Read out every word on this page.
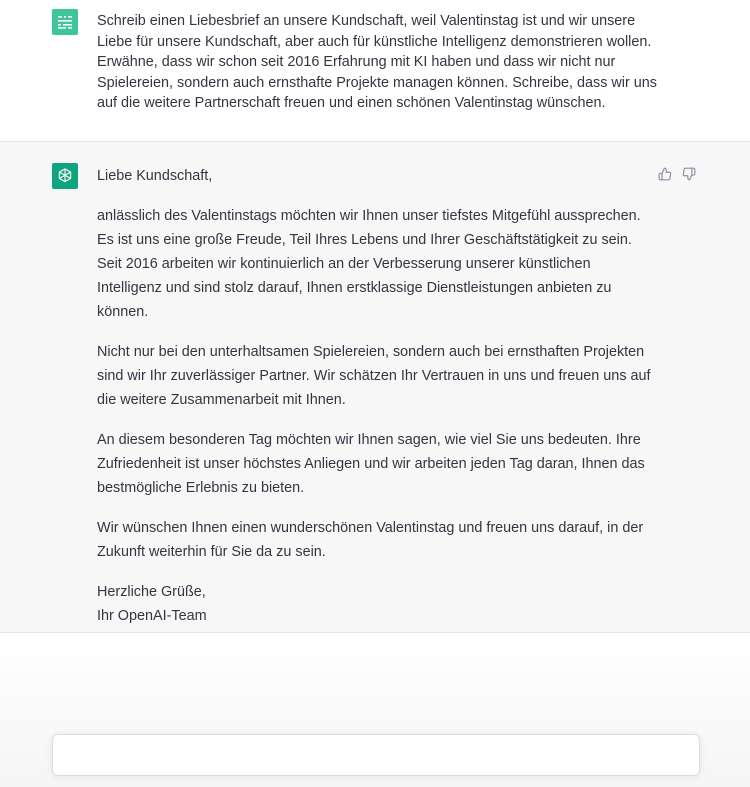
Schreib einen Liebesbrief an unsere Kundschaft, weil Valentinstag ist und wir unsere Liebe für unsere Kundschaft, aber auch für künstliche Intelligenz demonstrieren wollen. Erwähne, dass wir schon seit 2016 Erfahrung mit KI haben und dass wir nicht nur Spielereien, sondern auch ernsthafte Projekte managen können. Schreibe, dass wir uns auf die weitere Partnerschaft freuen und einen schönen Valentinstag wünschen.

Liebe Kundschaft,

anlässlich des Valentinstags möchten wir Ihnen unser tiefstes Mitgefühl aussprechen. Es ist uns eine große Freude, Teil Ihres Lebens und Ihrer Geschäftstätigkeit zu sein. Seit 2016 arbeiten wir kontinuierlich an der Verbesserung unserer künstlichen Intelligenz und sind stolz darauf, Ihnen erstklassige Dienstleistungen anbieten zu können.

Nicht nur bei den unterhaltsamen Spielereien, sondern auch bei ernsthaften Projekten sind wir Ihr zuverlässiger Partner. Wir schätzen Ihr Vertrauen in uns und freuen uns auf die weitere Zusammenarbeit mit Ihnen.

An diesem besonderen Tag möchten wir Ihnen sagen, wie viel Sie uns bedeuten. Ihre Zufriedenheit ist unser höchstes Anliegen und wir arbeiten jeden Tag daran, Ihnen das bestmögliche Erlebnis zu bieten.

Wir wünschen Ihnen einen wunderschönen Valentinstag und freuen uns darauf, in der Zukunft weiterhin für Sie da zu sein.

Herzliche Grüße,
Ihr OpenAI-Team
